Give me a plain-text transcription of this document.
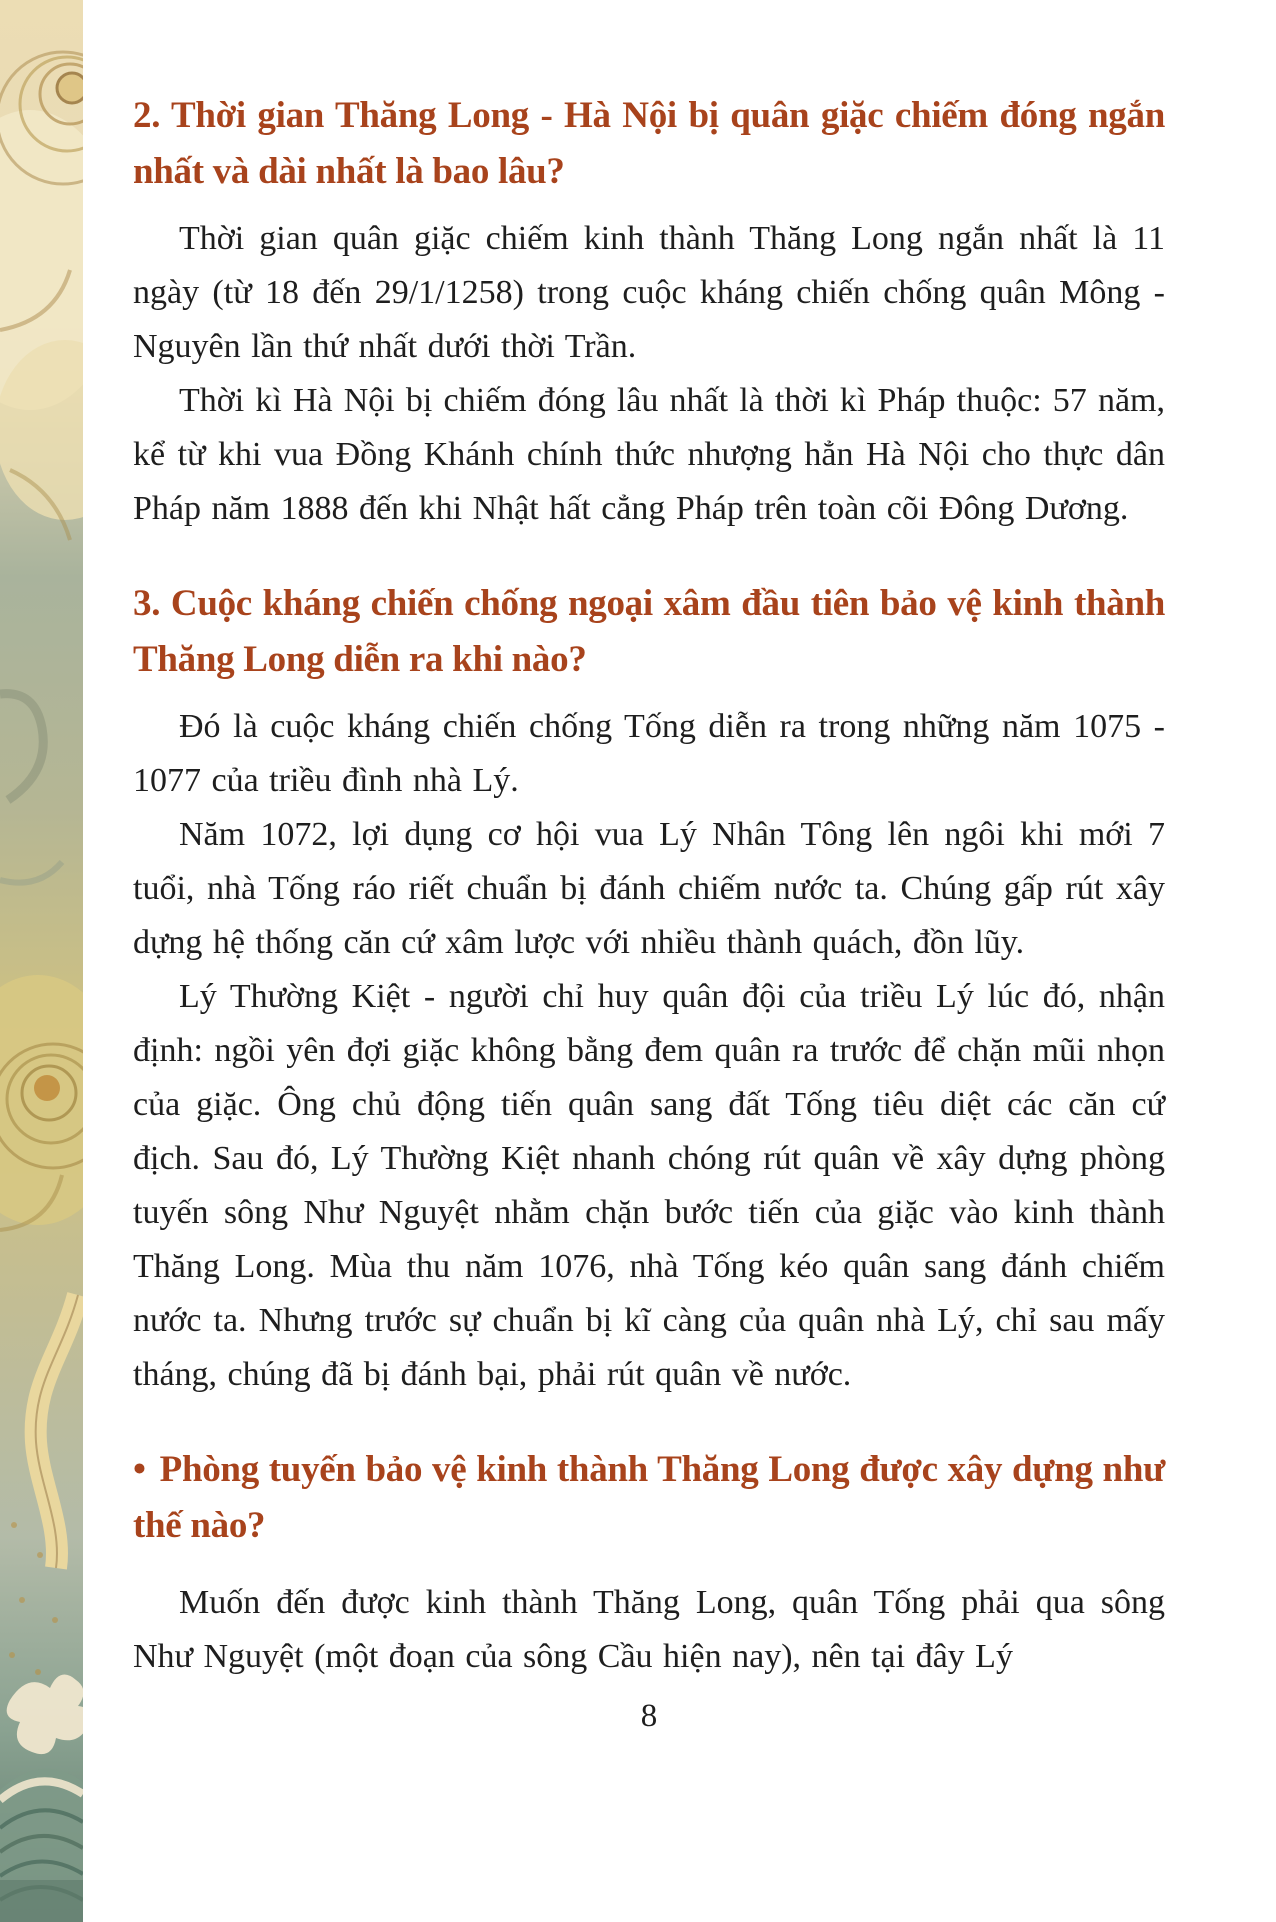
2. Thời gian Thăng Long - Hà Nội bị quân giặc chiếm đóng ngắn nhất và dài nhất là bao lâu?

Thời gian quân giặc chiếm kinh thành Thăng Long ngắn nhất là 11 ngày (từ 18 đến 29/1/1258) trong cuộc kháng chiến chống quân Mông - Nguyên lần thứ nhất dưới thời Trần.

Thời kì Hà Nội bị chiếm đóng lâu nhất là thời kì Pháp thuộc: 57 năm, kể từ khi vua Đồng Khánh chính thức nhượng hẳn Hà Nội cho thực dân Pháp năm 1888 đến khi Nhật hất cẳng Pháp trên toàn cõi Đông Dương.

3. Cuộc kháng chiến chống ngoại xâm đầu tiên bảo vệ kinh thành Thăng Long diễn ra khi nào?

Đó là cuộc kháng chiến chống Tống diễn ra trong những năm 1075 - 1077 của triều đình nhà Lý.

Năm 1072, lợi dụng cơ hội vua Lý Nhân Tông lên ngôi khi mới 7 tuổi, nhà Tống ráo riết chuẩn bị đánh chiếm nước ta. Chúng gấp rút xây dựng hệ thống căn cứ xâm lược với nhiều thành quách, đồn lũy.

Lý Thường Kiệt - người chỉ huy quân đội của triều Lý lúc đó, nhận định: ngồi yên đợi giặc không bằng đem quân ra trước để chặn mũi nhọn của giặc. Ông chủ động tiến quân sang đất Tống tiêu diệt các căn cứ địch. Sau đó, Lý Thường Kiệt nhanh chóng rút quân về xây dựng phòng tuyến sông Như Nguyệt nhằm chặn bước tiến của giặc vào kinh thành Thăng Long. Mùa thu năm 1076, nhà Tống kéo quân sang đánh chiếm nước ta. Nhưng trước sự chuẩn bị kĩ càng của quân nhà Lý, chỉ sau mấy tháng, chúng đã bị đánh bại, phải rút quân về nước.

• Phòng tuyến bảo vệ kinh thành Thăng Long được xây dựng như thế nào?

Muốn đến được kinh thành Thăng Long, quân Tống phải qua sông Như Nguyệt (một đoạn của sông Cầu hiện nay), nên tại đây Lý

8
